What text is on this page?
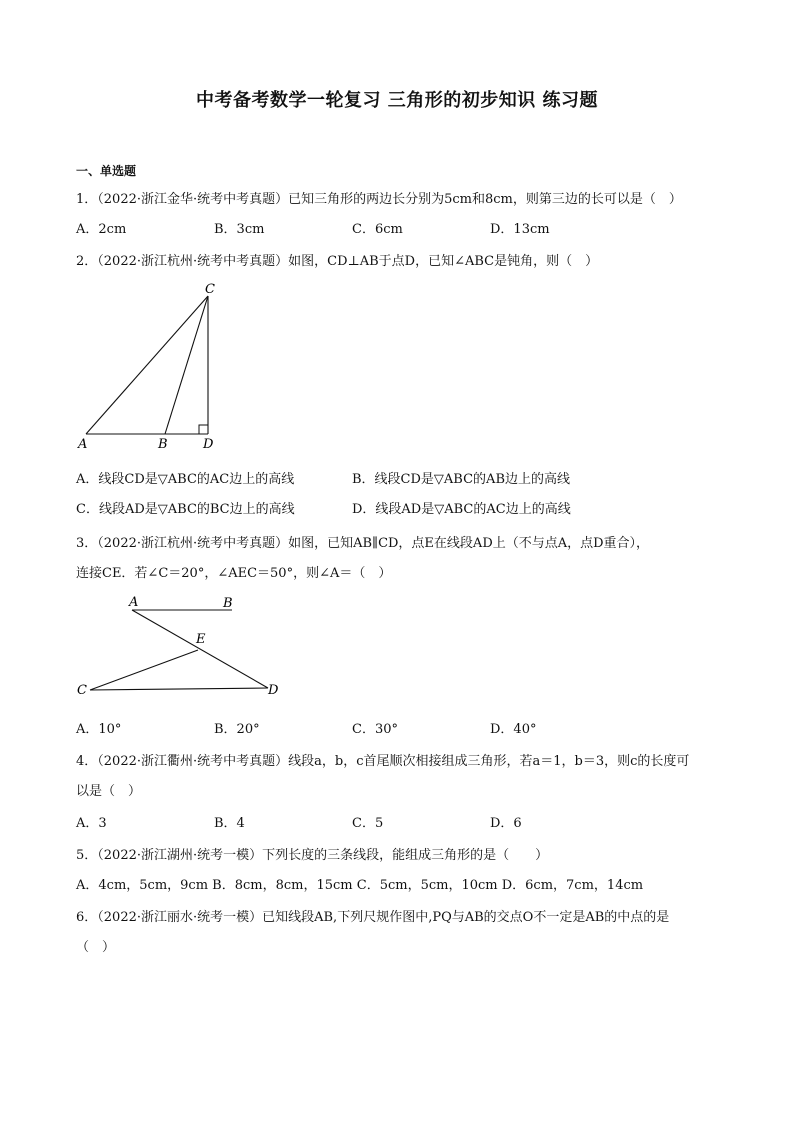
中考备考数学一轮复习 三角形的初步知识 练习题
一、单选题
1．（2022·浙江金华·统考中考真题）已知三角形的两边长分别为5cm和8cm，则第三边的长可以是（　）
A．2cm	B．3cm	C．6cm	D．13cm
2．（2022·浙江杭州·统考中考真题）如图，CD⊥AB于点D，已知∠ABC是钝角，则（　）
C
A	B	D
A．线段CD是▽ABC的AC边上的高线	B．线段CD是▽ABC的AB边上的高线
C．线段AD是▽ABC的BC边上的高线	D．线段AD是▽ABC的AC边上的高线
3．（2022·浙江杭州·统考中考真题）如图，已知AB∥CD，点E在线段AD上（不与点A，点D重合），
连接CE．若∠C＝20°，∠AEC＝50°，则∠A＝（　）
A	B
E
C	D
A．10°	B．20°	C．30°	D．40°
4．（2022·浙江衢州·统考中考真题）线段a，b，c首尾顺次相接组成三角形，若a＝1，b＝3，则c的长度可
以是（　）
A．3	B．4	C．5	D．6
5．（2022·浙江湖州·统考一模）下列长度的三条线段，能组成三角形的是（　　）
A．4cm，5cm，9cm B．8cm，8cm，15cm C．5cm，5cm，10cm D．6cm，7cm，14cm
6．（2022·浙江丽水·统考一模）已知线段AB,下列尺规作图中,PQ与AB的交点O不一定是AB的中点的是
（　）
